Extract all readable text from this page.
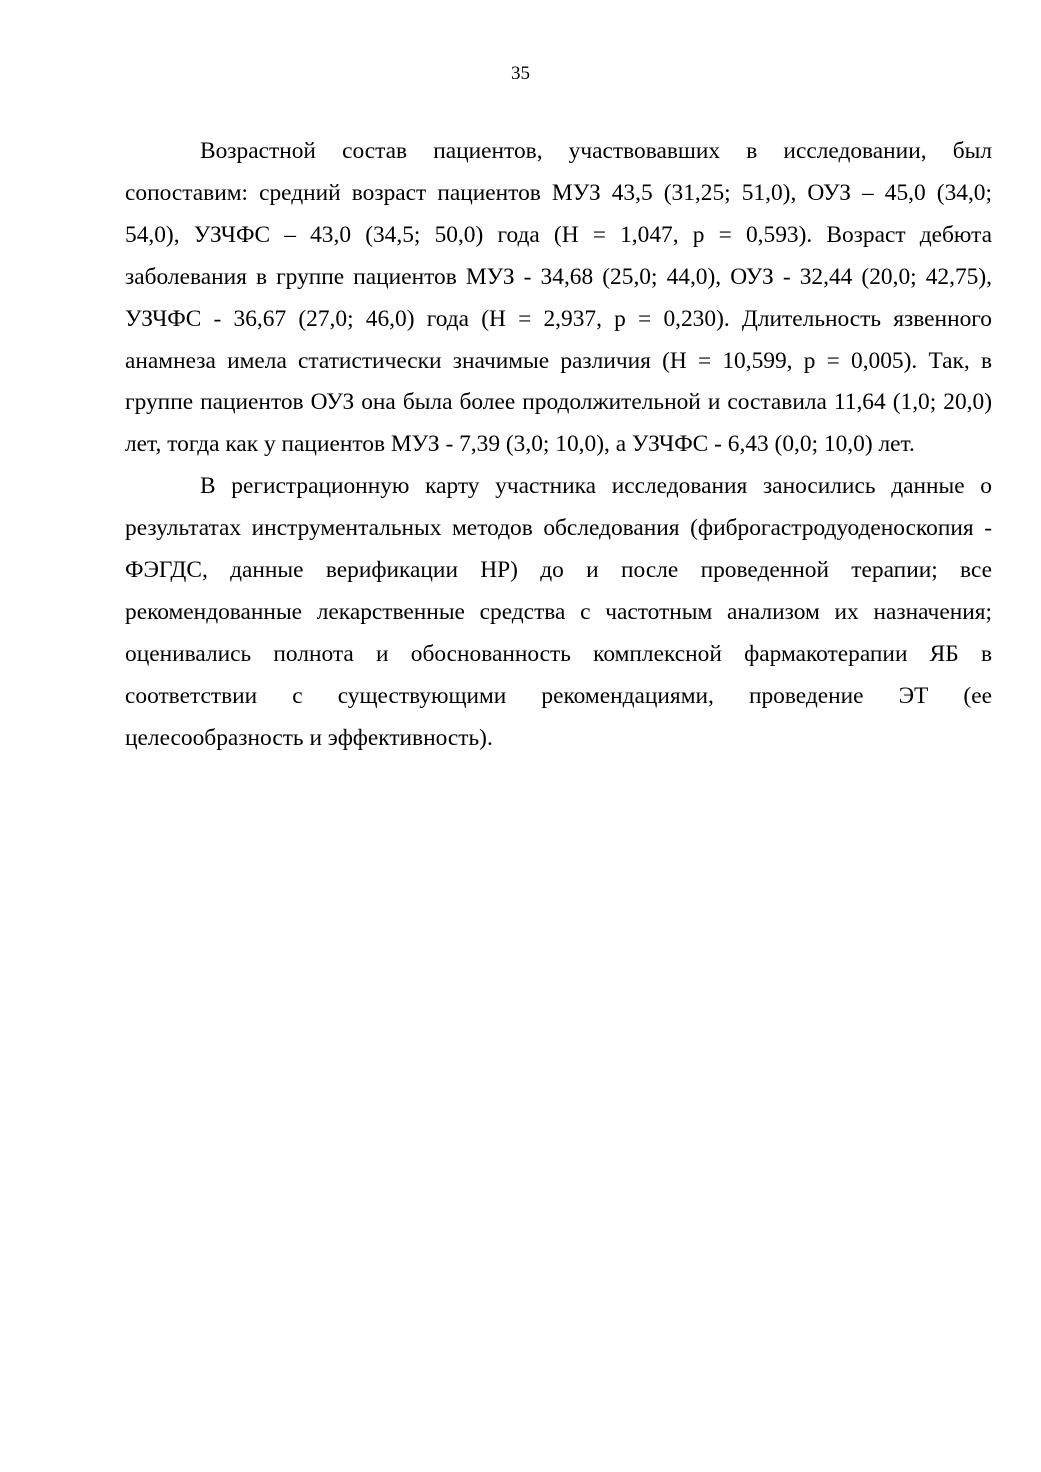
35

Возрастной состав пациентов, участвовавших в исследовании, был сопоставим: средний возраст пациентов МУЗ 43,5 (31,25; 51,0), ОУЗ – 45,0 (34,0; 54,0), УЗЧФС – 43,0 (34,5; 50,0) года (Н = 1,047, р = 0,593). Возраст дебюта заболевания в группе пациентов МУЗ - 34,68 (25,0; 44,0), ОУЗ - 32,44 (20,0; 42,75), УЗЧФС - 36,67 (27,0; 46,0) года (Н = 2,937, р = 0,230). Длительность язвенного анамнеза имела статистически значимые различия (Н = 10,599, р = 0,005). Так, в группе пациентов ОУЗ она была более продолжительной и составила 11,64 (1,0; 20,0) лет, тогда как у пациентов МУЗ - 7,39 (3,0; 10,0), а УЗЧФС - 6,43 (0,0; 10,0) лет.

В регистрационную карту участника исследования заносились данные о результатах инструментальных методов обследования (фиброгастродуоденоскопия - ФЭГДС, данные верификации НР) до и после проведенной терапии; все рекомендованные лекарственные средства с частотным анализом их назначения; оценивались полнота и обоснованность комплексной фармакотерапии ЯБ в соответствии с существующими рекомендациями, проведение ЭТ (ее целесообразность и эффективность).
